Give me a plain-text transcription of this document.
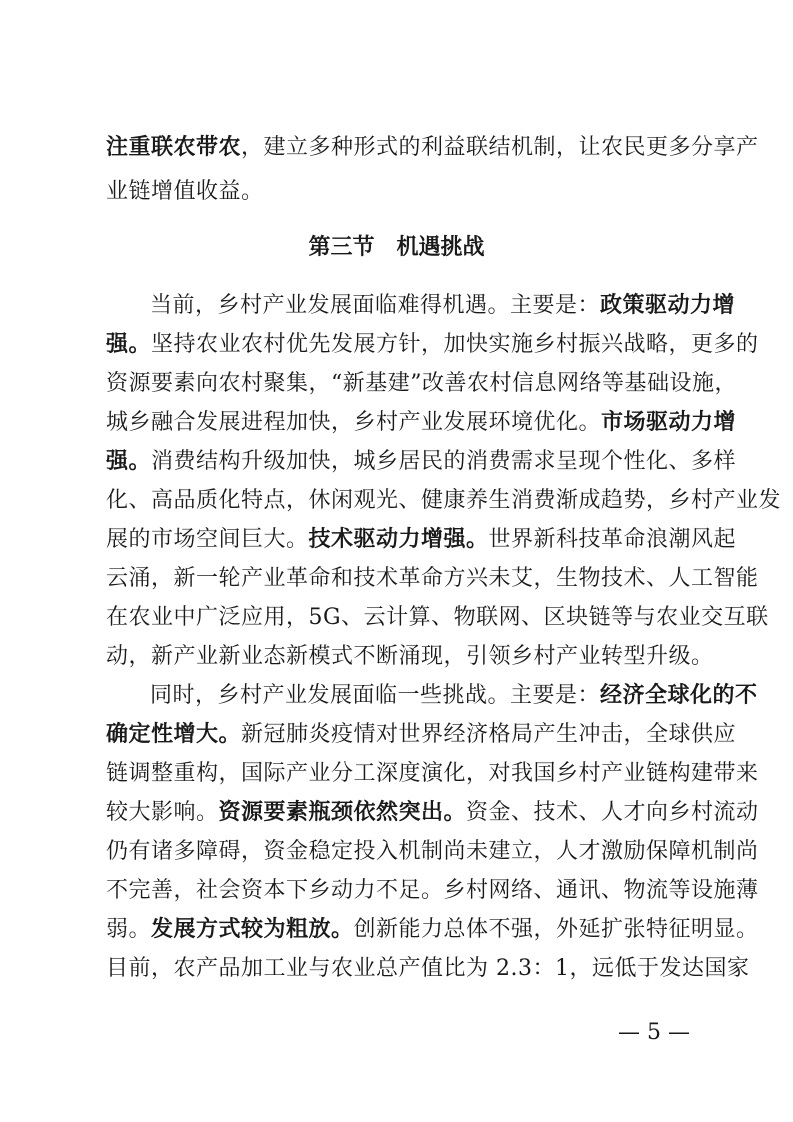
注重联农带农，建立多种形式的利益联结机制，让农民更多分享产
业链增值收益。
第三节　机遇挑战
当前，乡村产业发展面临难得机遇。主要是：政策驱动力增
强。坚持农业农村优先发展方针，加快实施乡村振兴战略，更多的
资源要素向农村聚集，“新基建”改善农村信息网络等基础设施，
城乡融合发展进程加快，乡村产业发展环境优化。市场驱动力增
强。消费结构升级加快，城乡居民的消费需求呈现个性化、多样
化、高品质化特点，休闲观光、健康养生消费渐成趋势，乡村产业发
展的市场空间巨大。技术驱动力增强。世界新科技革命浪潮风起
云涌，新一轮产业革命和技术革命方兴未艾，生物技术、人工智能
在农业中广泛应用，5G、云计算、物联网、区块链等与农业交互联
动，新产业新业态新模式不断涌现，引领乡村产业转型升级。
同时，乡村产业发展面临一些挑战。主要是：经济全球化的不
确定性增大。新冠肺炎疫情对世界经济格局产生冲击，全球供应
链调整重构，国际产业分工深度演化，对我国乡村产业链构建带来
较大影响。资源要素瓶颈依然突出。资金、技术、人才向乡村流动
仍有诸多障碍，资金稳定投入机制尚未建立，人才激励保障机制尚
不完善，社会资本下乡动力不足。乡村网络、通讯、物流等设施薄
弱。发展方式较为粗放。创新能力总体不强，外延扩张特征明显。
目前，农产品加工业与农业总产值比为 2.3：1，远低于发达国家
— 5 —
